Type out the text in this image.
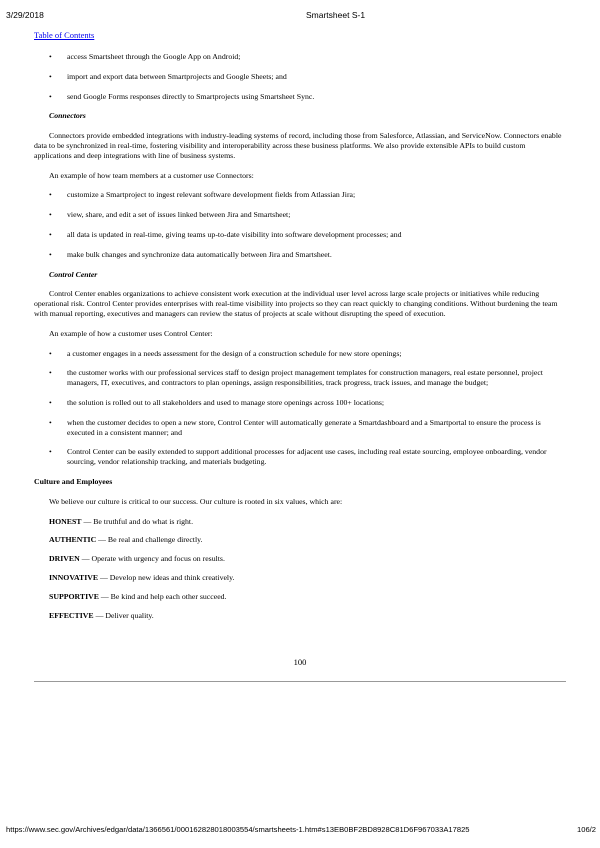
3/29/2018	Smartsheet S-1
Table of Contents
• access Smartsheet through the Google App on Android;
• import and export data between Smartprojects and Google Sheets; and
• send Google Forms responses directly to Smartprojects using Smartsheet Sync.
Connectors
Connectors provide embedded integrations with industry-leading systems of record, including those from Salesforce, Atlassian, and ServiceNow. Connectors enable data to be synchronized in real-time, fostering visibility and interoperability across these business platforms. We also provide extensible APIs to build custom applications and deep integrations with line of business systems.
An example of how team members at a customer use Connectors:
• customize a Smartproject to ingest relevant software development fields from Atlassian Jira;
• view, share, and edit a set of issues linked between Jira and Smartsheet;
• all data is updated in real-time, giving teams up-to-date visibility into software development processes; and
• make bulk changes and synchronize data automatically between Jira and Smartsheet.
Control Center
Control Center enables organizations to achieve consistent work execution at the individual user level across large scale projects or initiatives while reducing operational risk. Control Center provides enterprises with real-time visibility into projects so they can react quickly to changing conditions. Without burdening the team with manual reporting, executives and managers can review the status of projects at scale without disrupting the speed of execution.
An example of how a customer uses Control Center:
• a customer engages in a needs assessment for the design of a construction schedule for new store openings;
• the customer works with our professional services staff to design project management templates for construction managers, real estate personnel, project managers, IT, executives, and contractors to plan openings, assign responsibilities, track progress, track issues, and manage the budget;
• the solution is rolled out to all stakeholders and used to manage store openings across 100+ locations;
• when the customer decides to open a new store, Control Center will automatically generate a Smartdashboard and a Smartportal to ensure the process is executed in a consistent manner; and
• Control Center can be easily extended to support additional processes for adjacent use cases, including real estate sourcing, employee onboarding, vendor sourcing, vendor relationship tracking, and materials budgeting.
Culture and Employees
We believe our culture is critical to our success. Our culture is rooted in six values, which are:
HONEST — Be truthful and do what is right.
AUTHENTIC — Be real and challenge directly.
DRIVEN — Operate with urgency and focus on results.
INNOVATIVE — Develop new ideas and think creatively.
SUPPORTIVE — Be kind and help each other succeed.
EFFECTIVE — Deliver quality.
100
https://www.sec.gov/Archives/edgar/data/1366561/000162828018003554/smartsheets-1.htm#s13EB0BF2BD8928C81D6F967033A17825	106/2
